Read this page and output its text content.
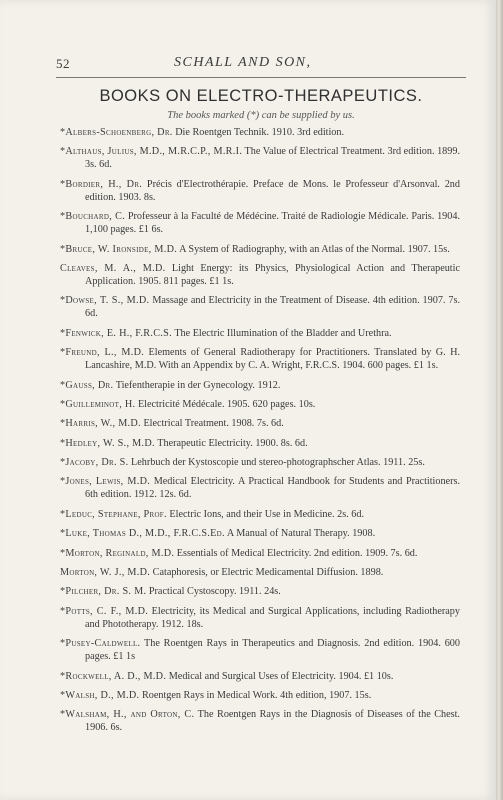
52	SCHALL AND SON,
BOOKS ON ELECTRO-THERAPEUTICS.
The books marked (*) can be supplied by us.
*Albers-Schoenberg, Dr. Die Roentgen Technik. 1910. 3rd edition.
*Althaus, Julius, M.D., M.R.C.P., M.R.I. The Value of Electrical Treatment. 3rd edition. 1899. 3s. 6d.
*Bordier, H., Dr. Précis d'Electrothérapie. Preface de Mons. le Professeur d'Arsonval. 2nd edition. 1903. 8s.
*Bouchard, C. Professeur à la Faculté de Médécine. Traité de Radiologie Médicale. Paris. 1904. 1,100 pages. £1 6s.
*Bruce, W. Ironside, M.D. A System of Radiography, with an Atlas of the Normal. 1907. 15s.
Cleaves, M. A., M.D. Light Energy: its Physics, Physiological Action and Therapeutic Application. 1905. 811 pages. £1 1s.
*Dowse, T. S., M.D. Massage and Electricity in the Treatment of Disease. 4th edition. 1907. 7s. 6d.
*Fenwick, E. H., F.R.C.S. The Electric Illumination of the Bladder and Urethra.
*Freund, L., M.D. Elements of General Radiotherapy for Practitioners. Translated by G. H. Lancashire, M.D. With an Appendix by C. A. Wright, F.R.C.S. 1904. 600 pages. £1 1s.
*Gauss, Dr. Tiefentherapie in der Gynecology. 1912.
*Guilleminot, H. Electricité Médécale. 1905. 620 pages. 10s.
*Harris, W., M.D. Electrical Treatment. 1908. 7s. 6d.
*Hedley, W. S., M.D. Therapeutic Electricity. 1900. 8s. 6d.
*Jacoby, Dr. S. Lehrbuch der Kystoscopie und stereo-photographscher Atlas. 1911. 25s.
*Jones, Lewis, M.D. Medical Electricity. A Practical Handbook for Students and Practitioners. 6th edition. 1912. 12s. 6d.
*Leduc, Stephane, Prof. Electric Ions, and their Use in Medicine. 2s. 6d.
*Luke, Thomas D., M.D., F.R.C.S.Ed. A Manual of Natural Therapy. 1908.
*Morton, Reginald, M.D. Essentials of Medical Electricity. 2nd edition. 1909. 7s. 6d.
Morton, W. J., M.D. Cataphoresis, or Electric Medicamental Diffusion. 1898.
*Pilcher, Dr. S. M. Practical Cystoscopy. 1911. 24s.
*Potts, C. F., M.D. Electricity, its Medical and Surgical Applications, including Radiotherapy and Phototherapy. 1912. 18s.
*Pusey-Caldwell. The Roentgen Rays in Therapeutics and Diagnosis. 2nd edition. 1904. 600 pages. £1 1s
*Rockwell, A. D., M.D. Medical and Surgical Uses of Electricity. 1904. £1 10s.
*Walsh, D., M.D. Roentgen Rays in Medical Work. 4th edition, 1907. 15s.
*Walsham, H., and Orton, C. The Roentgen Rays in the Diagnosis of Diseases of the Chest. 1906. 6s.
